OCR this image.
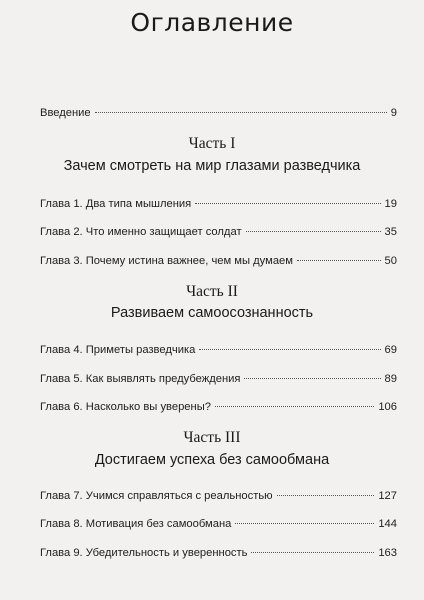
Оглавление
Введение	9
Часть I
Зачем смотреть на мир глазами разведчика
Глава 1. Два типа мышления	19
Глава 2. Что именно защищает солдат	35
Глава 3. Почему истина важнее, чем мы думаем	50
Часть II
Развиваем самоосознанность
Глава 4. Приметы разведчика	69
Глава 5. Как выявлять предубеждения	89
Глава 6. Насколько вы уверены?	106
Часть III
Достигаем успеха без самообмана
Глава 7. Учимся справляться с реальностью	127
Глава 8. Мотивация без самообмана	144
Глава 9. Убедительность и уверенность	163
